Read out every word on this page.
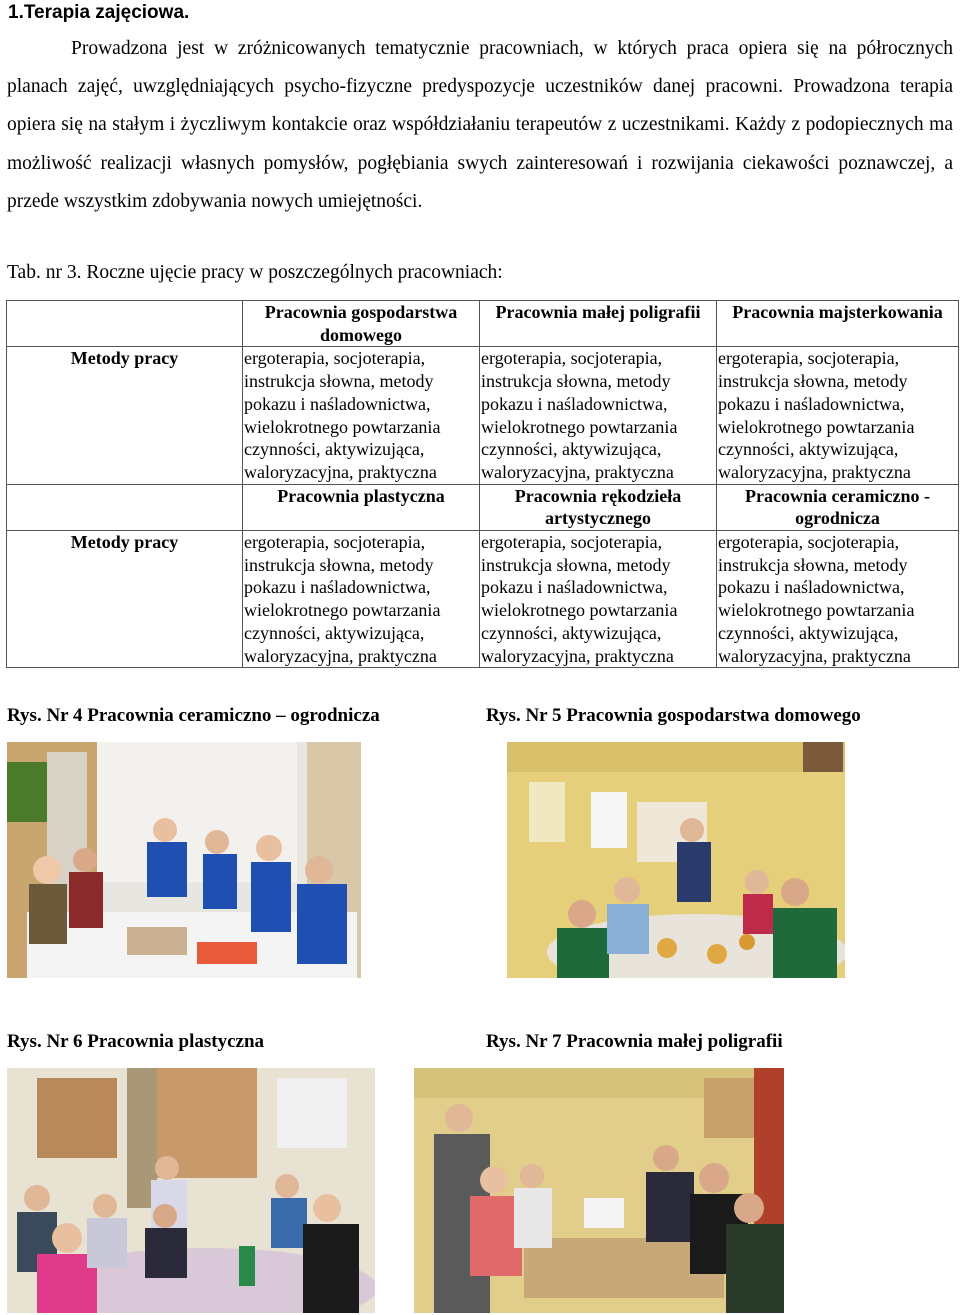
1.Terapia zajęciowa.
Prowadzona jest w zróżnicowanych tematycznie pracowniach, w których praca opiera się na półrocznych planach zajęć, uwzględniających psycho-fizyczne predyspozycje uczestników danej pracowni. Prowadzona terapia opiera się na stałym i życzliwym kontakcie oraz współdziałaniu terapeutów z uczestnikami. Każdy z podopiecznych ma możliwość realizacji własnych pomysłów, pogłębiania swych zainteresowań i rozwijania ciekawości poznawczej, a przede wszystkim zdobywania nowych umiejętności.
Tab. nr 3. Roczne ujęcie pracy w poszczególnych pracowniach:
	Pracownia gospodarstwa domowego	Pracownia małej poligrafii	Pracownia majsterkowania
Metody pracy	ergoterapia, socjoterapia, instrukcja słowna, metody pokazu i naśladownictwa, wielokrotnego powtarzania czynności, aktywizująca, waloryzacyjna, praktyczna	ergoterapia, socjoterapia, instrukcja słowna, metody pokazu i naśladownictwa, wielokrotnego powtarzania czynności, aktywizująca, waloryzacyjna, praktyczna	ergoterapia, socjoterapia, instrukcja słowna, metody pokazu i naśladownictwa, wielokrotnego powtarzania czynności, aktywizująca, waloryzacyjna, praktyczna
	Pracownia plastyczna	Pracownia rękodzieła artystycznego	Pracownia ceramiczno - ogrodnicza
Metody pracy	ergoterapia, socjoterapia, instrukcja słowna, metody pokazu i naśladownictwa, wielokrotnego powtarzania czynności, aktywizująca, waloryzacyjna, praktyczna	ergoterapia, socjoterapia, instrukcja słowna, metody pokazu i naśladownictwa, wielokrotnego powtarzania czynności, aktywizująca, waloryzacyjna, praktyczna	ergoterapia, socjoterapia, instrukcja słowna, metody pokazu i naśladownictwa, wielokrotnego powtarzania czynności, aktywizująca, waloryzacyjna, praktyczna
Rys. Nr 4 Pracownia ceramiczno – ogrodnicza	Rys. Nr 5 Pracownia gospodarstwa domowego
Rys. Nr 6 Pracownia plastyczna	Rys. Nr 7 Pracownia małej poligrafii
